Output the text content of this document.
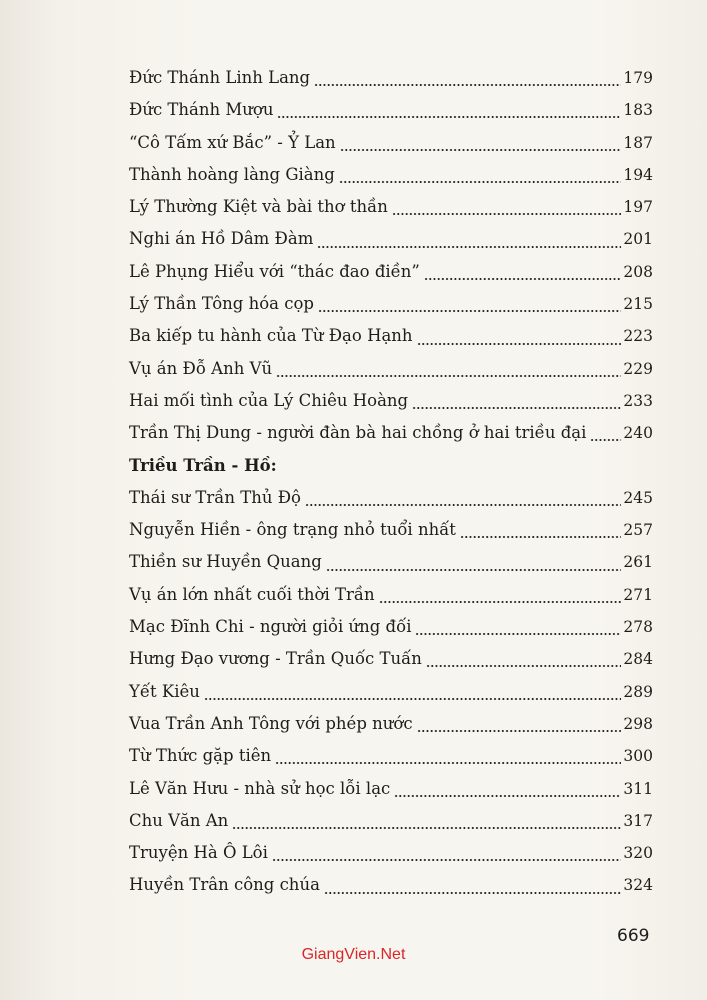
Đức Thánh Linh Lang	179
Đức Thánh Mượu	183
“Cô Tấm xứ Bắc” - Ỷ Lan	187
Thành hoàng làng Giàng	194
Lý Thường Kiệt và bài thơ thần	197
Nghi án Hồ Dâm Đàm	201
Lê Phụng Hiểu với “thác đao điền”	208
Lý Thần Tông hóa cọp	215
Ba kiếp tu hành của Từ Đạo Hạnh	223
Vụ án Đỗ Anh Vũ	229
Hai mối tình của Lý Chiêu Hoàng	233
Trần Thị Dung - người đàn bà hai chồng ở hai triều đại 240
Triều Trần - Hồ:
Thái sư Trần Thủ Độ	245
Nguyễn Hiền - ông trạng nhỏ tuổi nhất	257
Thiền sư Huyền Quang	261
Vụ án lớn nhất cuối thời Trần	271
Mạc Đĩnh Chi - người giỏi ứng đối	278
Hưng Đạo vương - Trần Quốc Tuấn	284
Yết Kiêu	289
Vua Trần Anh Tông với phép nước	298
Từ Thức gặp tiên	300
Lê Văn Hưu - nhà sử học lỗi lạc	311
Chu Văn An	317
Truyện Hà Ô Lôi	320
Huyền Trân công chúa	324
669
GiangVien.Net
